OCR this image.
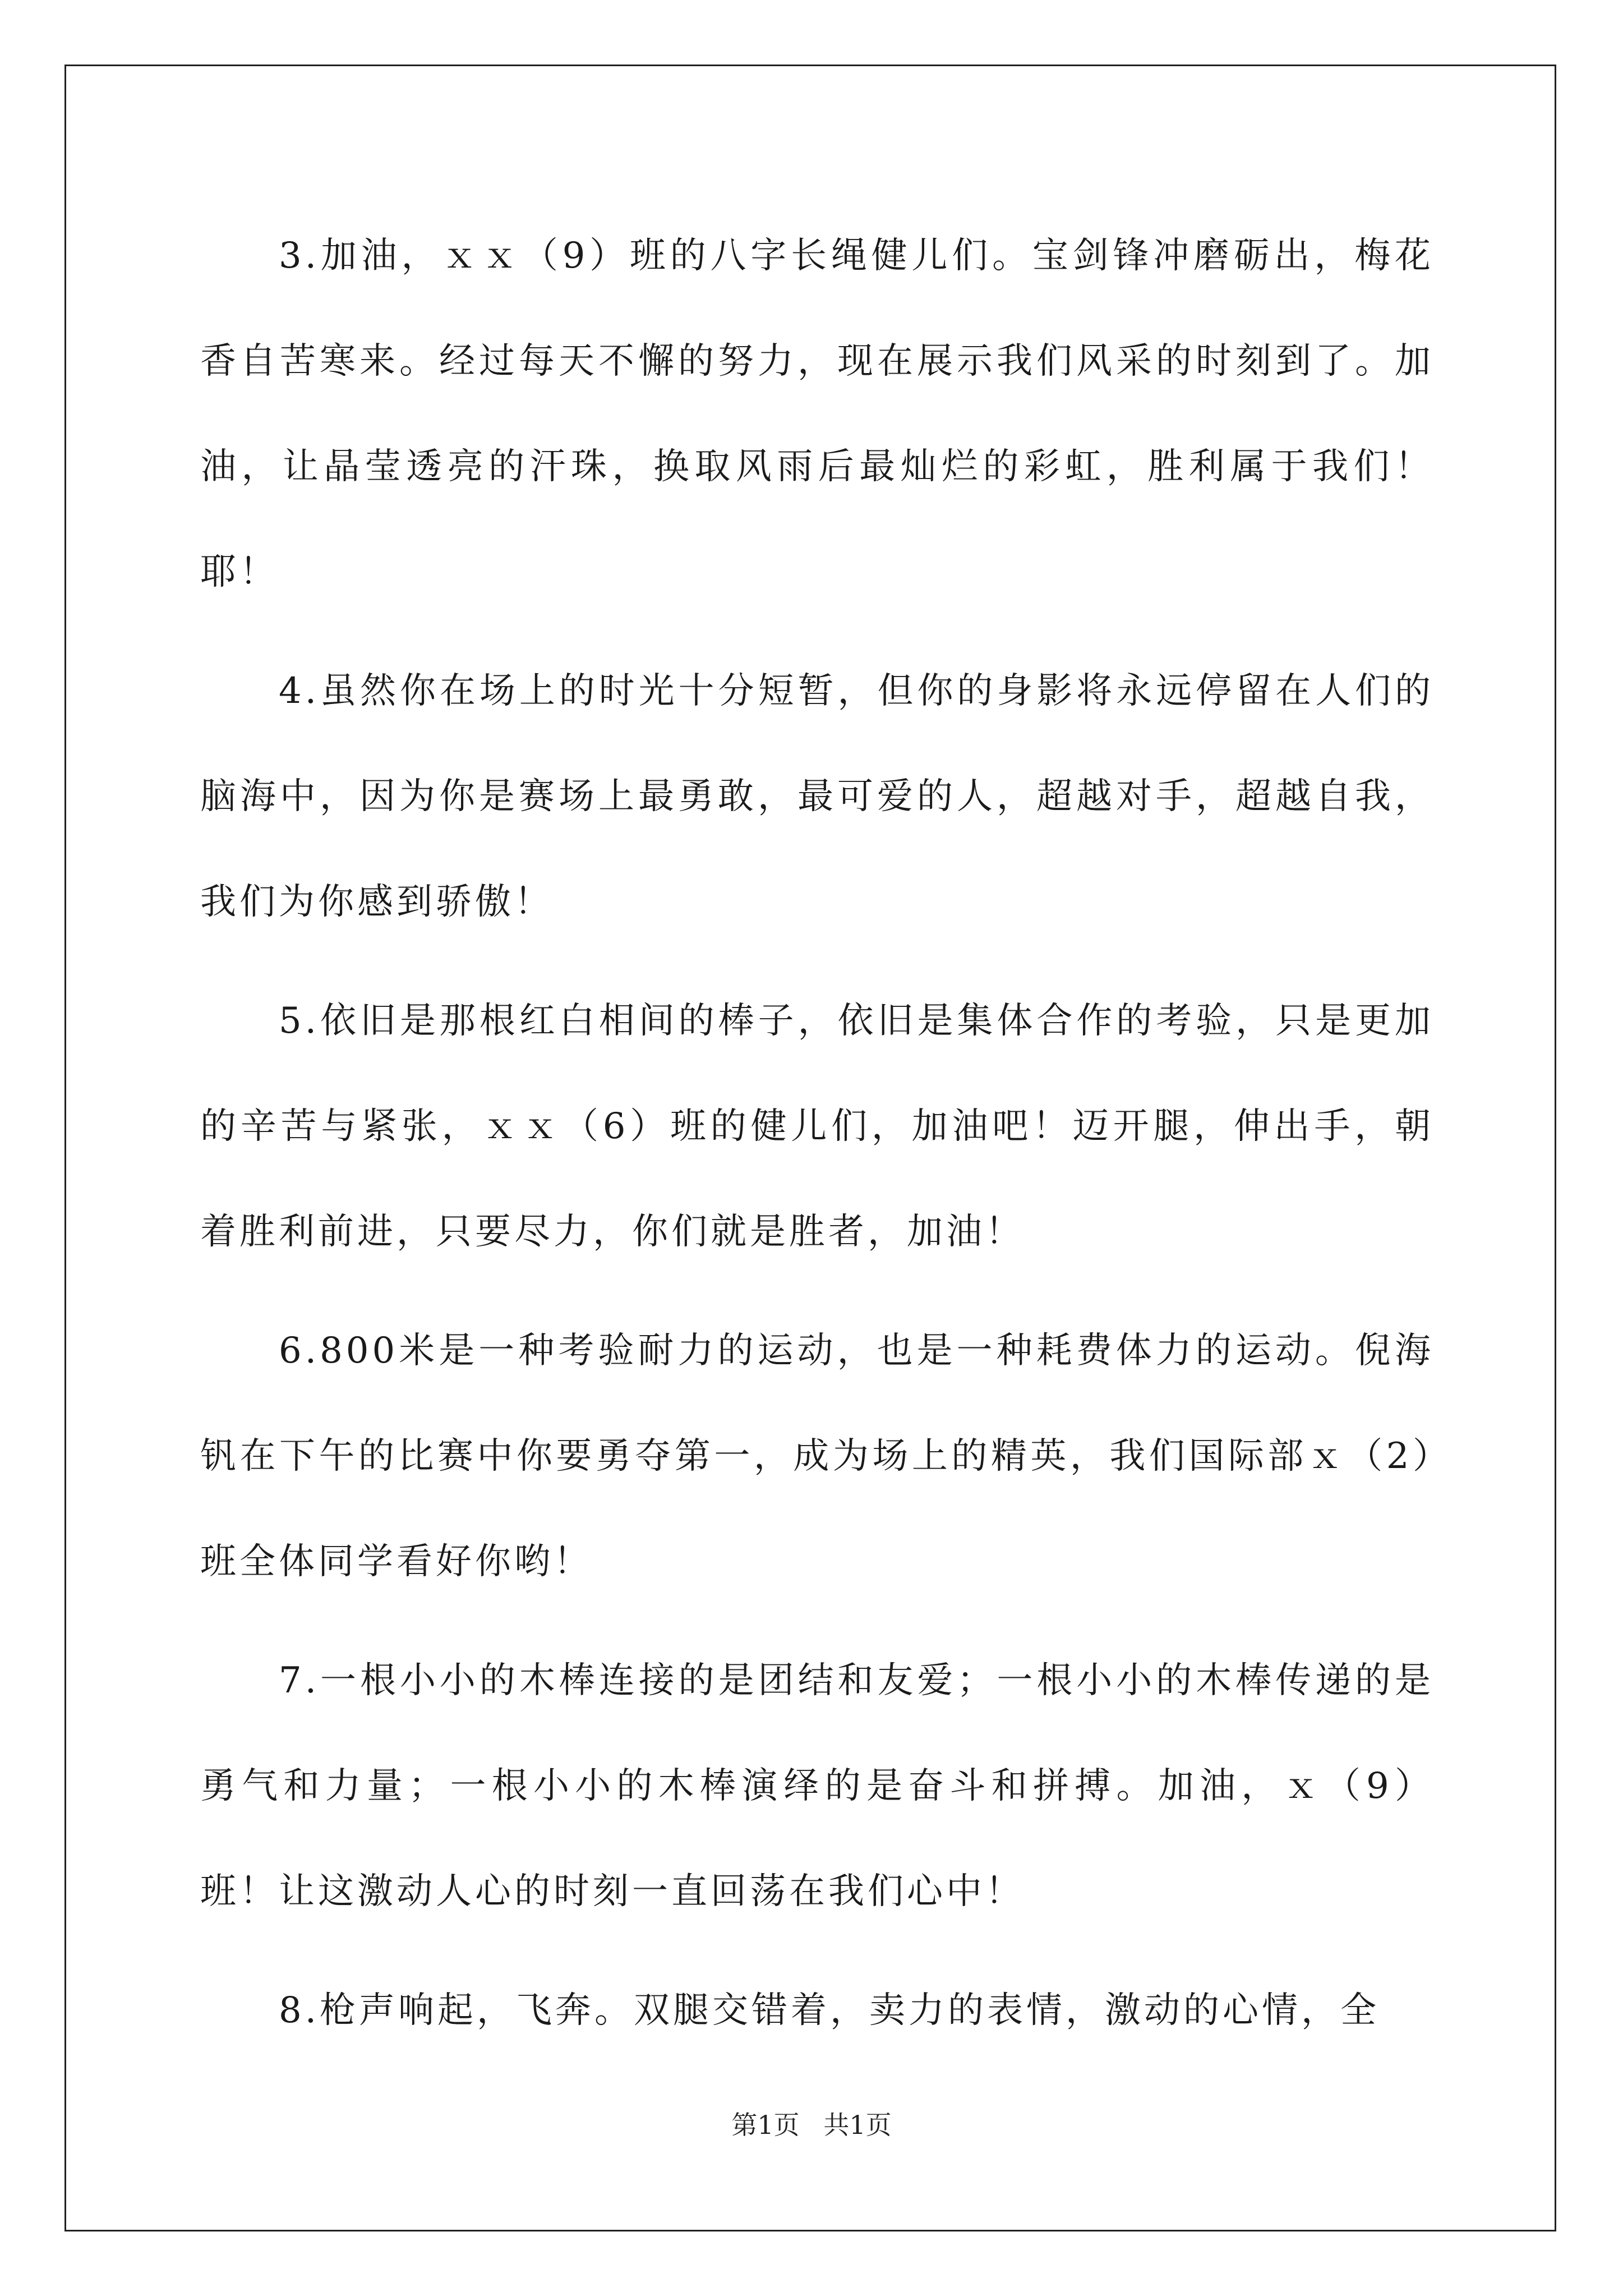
3.加油，ｘｘ（9）班的八字长绳健儿们。宝剑锋冲磨砺出，梅花香自苦寒来。经过每天不懈的努力，现在展示我们风采的时刻到了。加油，让晶莹透亮的汗珠，换取风雨后最灿烂的彩虹，胜利属于我们！耶！

4.虽然你在场上的时光十分短暂，但你的身影将永远停留在人们的脑海中，因为你是赛场上最勇敢，最可爱的人，超越对手，超越自我，我们为你感到骄傲！

5.依旧是那根红白相间的棒子，依旧是集体合作的考验，只是更加的辛苦与紧张，ｘｘ（6）班的健儿们，加油吧！迈开腿，伸出手，朝着胜利前进，只要尽力，你们就是胜者，加油！

6.800米是一种考验耐力的运动，也是一种耗费体力的运动。倪海钒在下午的比赛中你要勇夺第一，成为场上的精英，我们国际部ｘ（2）班全体同学看好你哟！

7.一根小小的木棒连接的是团结和友爱；一根小小的木棒传递的是勇气和力量；一根小小的木棒演绎的是奋斗和拼搏。加油，ｘ（9）班！让这激动人心的时刻一直回荡在我们心中！

8.枪声响起，飞奔。双腿交错着，卖力的表情，激动的心情，全

第1页 共1页
